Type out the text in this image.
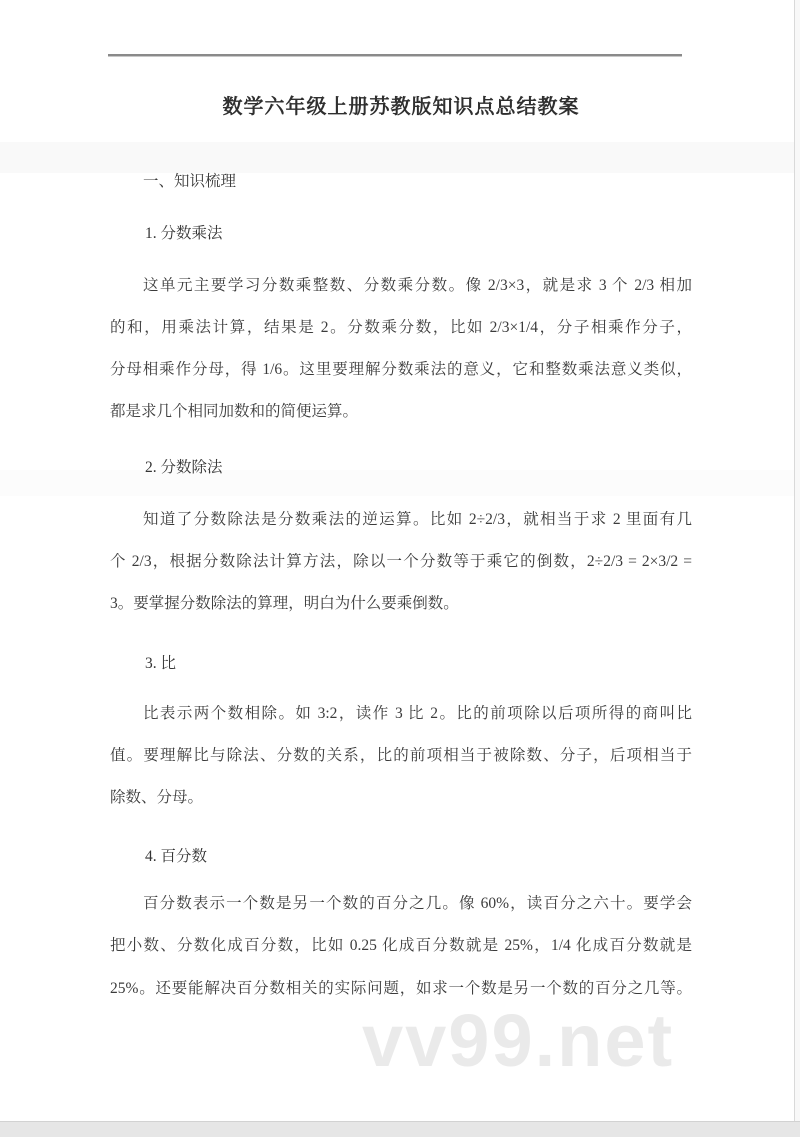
数学六年级上册苏教版知识点总结教案
一、知识梳理
1. 分数乘法
这单元主要学习分数乘整数、分数乘分数。像 2/3×3，就是求 3 个 2/3 相加
的和，用乘法计算，结果是 2。分数乘分数，比如 2/3×1/4，分子相乘作分子，
分母相乘作分母，得 1/6。这里要理解分数乘法的意义，它和整数乘法意义类似，
都是求几个相同加数和的简便运算。
2. 分数除法
知道了分数除法是分数乘法的逆运算。比如 2÷2/3，就相当于求 2 里面有几
个 2/3，根据分数除法计算方法，除以一个分数等于乘它的倒数，2÷2/3 = 2×3/2 =
3。要掌握分数除法的算理，明白为什么要乘倒数。
3. 比
比表示两个数相除。如 3:2，读作 3 比 2。比的前项除以后项所得的商叫比
值。要理解比与除法、分数的关系，比的前项相当于被除数、分子，后项相当于
除数、分母。
4. 百分数
百分数表示一个数是另一个数的百分之几。像 60%，读百分之六十。要学会
把小数、分数化成百分数，比如 0.25 化成百分数就是 25%，1/4 化成百分数就是
25%。还要能解决百分数相关的实际问题，如求一个数是另一个数的百分之几等。
vv99.net
